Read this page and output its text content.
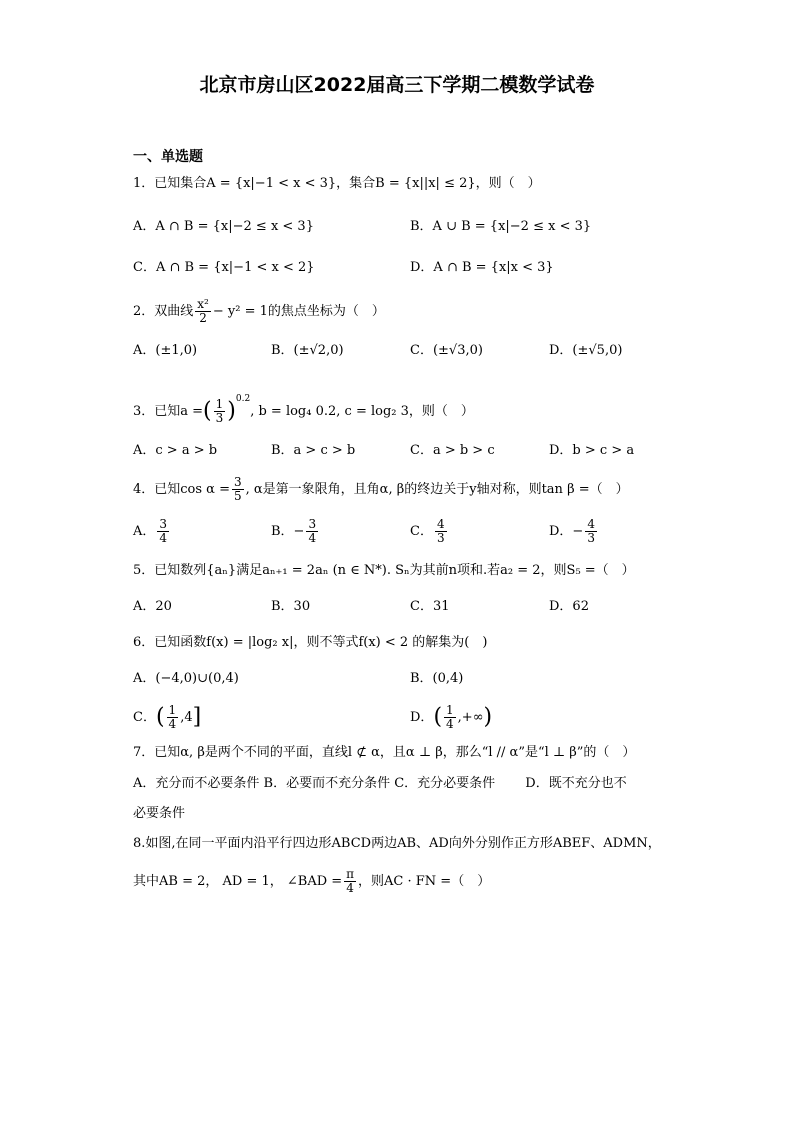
北京市房山区2022届高三下学期二模数学试卷
一、单选题
1．已知集合A = {x|−1 < x < 3}，集合B = {x||x| ≤ 2}，则（　）
A．A ∩ B = {x|−2 ≤ x < 3}	B．A ∪ B = {x|−2 ≤ x < 3}
C．A ∩ B = {x|−1 < x < 2}	D．A ∩ B = {x|x < 3}
2．双曲线 $\frac{\text{x²}}{2} - y^2 = 1$的焦点坐标为（　）
A．(±1,0)	B．(±√2,0)	C．(±√3,0)	D．(±√5,0)
3．已知a =( $\frac{1}{3} )^{0.2}$, b = log₄ 0.2, c = log₂ 3，则（　）
A．c > a > b	B．a > c > b	C．a > b > c	D．b > c > a
4．已知$\cos \alpha = \frac{3}{5}$ , α是第一象限角，且角α, β的终边关于y轴对称，则tan β =（　）
A． $\frac{3}{4}$	B．− $\frac{3}{4}$	C． $\frac{4}{3}$	D．− $\frac{4}{3}$
5．已知数列{aₙ}满足aₙ₊₁ = 2aₙ (n ∈ N*). Sₙ为其前n项和.若a₂ = 2，则S₅ =（　）
A．20	B．30	C．31	D．62
6．已知函数f(x) = |log₂ x|，则不等式f(x) < 2 的解集为(　)
A．(−4,0)∪(0,4)	B．(0,4)
C．( $\frac{1}{4} ,4$]	D．( $\frac{1}{4}$ ,+∞)
7．已知α, β是两个不同的平面，直线l ⊄ α，且α ⊥ β，那么“l // α”是“l ⊥ β”的（　）
A．充分而不必要条件 B．必要而不充分条件 C．充分必要条件　　 D．既不充分也不
必要条件
8.如图,在同一平面内沿平行四边形ABCD两边AB、AD向外分别作正方形ABEF、ADMN，
其中AB = 2， AD = 1， ∠BAD = $\frac{\pi}{4}$ ，则AC · FN =（　）
